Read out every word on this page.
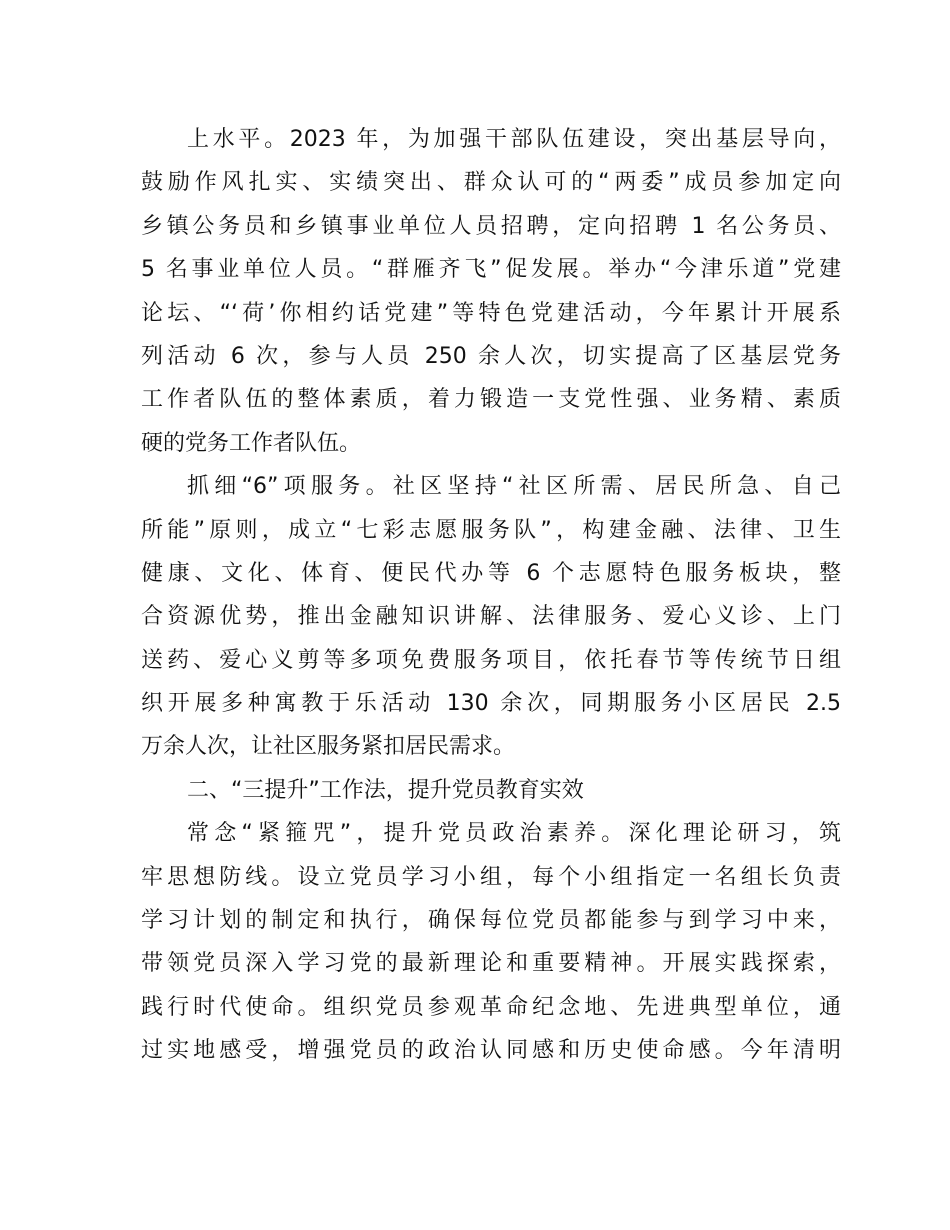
上水平。2023 年，为加强干部队伍建设，突出基层导向，
鼓励作风扎实、实绩突出、群众认可的“两委”成员参加定向
乡镇公务员和乡镇事业单位人员招聘，定向招聘 1 名公务员、
5 名事业单位人员。“群雁齐飞”促发展。举办“今津乐道”党建
论坛、“‘荷’你相约话党建”等特色党建活动，今年累计开展系
列活动 6 次，参与人员 250 余人次，切实提高了区基层党务
工作者队伍的整体素质，着力锻造一支党性强、业务精、素质
硬的党务工作者队伍。
抓细“6”项服务。社区坚持“社区所需、居民所急、自己
所能”原则，成立“七彩志愿服务队”，构建金融、法律、卫生
健康、文化、体育、便民代办等 6 个志愿特色服务板块，整
合资源优势，推出金融知识讲解、法律服务、爱心义诊、上门
送药、爱心义剪等多项免费服务项目，依托春节等传统节日组
织开展多种寓教于乐活动 130 余次，同期服务小区居民 2.5
万余人次，让社区服务紧扣居民需求。
二、“三提升”工作法，提升党员教育实效
常念“紧箍咒”，提升党员政治素养。深化理论研习，筑
牢思想防线。设立党员学习小组，每个小组指定一名组长负责
学习计划的制定和执行，确保每位党员都能参与到学习中来，
带领党员深入学习党的最新理论和重要精神。开展实践探索，
践行时代使命。组织党员参观革命纪念地、先进典型单位，通
过实地感受，增强党员的政治认同感和历史使命感。今年清明
